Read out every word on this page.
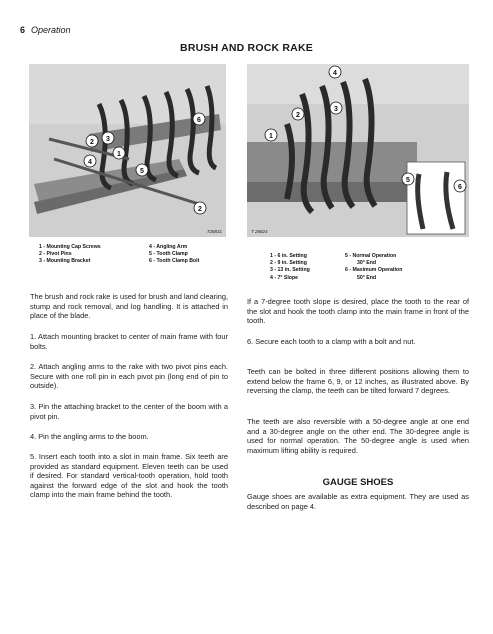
6 Operation
BRUSH AND ROCK RAKE
2 3
1
4
5
6
2
T26831
4
3
2
1
5
6
T 26824
1 - Mounting Cap Screws
2 - Pivot Pins
3 - Mounting Bracket
4 - Angling Arm
5 - Tooth Clamp
6 - Tooth Clamp Bolt
1 - 6 in. Setting
2 - 9 in. Setting
3 - 13 in. Setting
4 - 7° Slope
5 - Normal Operation
30° End
6 - Maximum Operation
50° End
The brush and rock rake is used for brush and land clearing, stump and rock removal, and log handling. It is attached in place of the blade.
1. Attach mounting bracket to center of main frame with four bolts.
2. Attach angling arms to the rake with two pivot pins each. Secure with one roll pin in each pivot pin (long end of pin to outside).
3. Pin the attaching bracket to the center of the boom with a pivot pin.
4. Pin the angling arms to the boom.
5. Insert each tooth into a slot in main frame. Six teeth are provided as standard equipment. Eleven teeth can be used if desired. For standard vertical-tooth operation, hold tooth against the forward edge of the slot and hook the tooth clamp into the main frame behind the tooth.
If a 7-degree tooth slope is desired, place the tooth to the rear of the slot and hook the tooth clamp into the main frame in front of the tooth.
6. Secure each tooth to a clamp with a bolt and nut.
Teeth can be bolted in three different positions allowing them to extend below the frame 6, 9, or 12 inches, as illustrated above. By reversing the clamp, the teeth can be tilted forward 7 degrees.
The teeth are also reversible with a 50-degree angle at one end and a 30-degree angle on the other end. The 30-degree angle is used for normal operation. The 50-degree angle is used when maximum lifting ability is required.
GAUGE SHOES
Gauge shoes are available as extra equipment. They are used as described on page 4.
